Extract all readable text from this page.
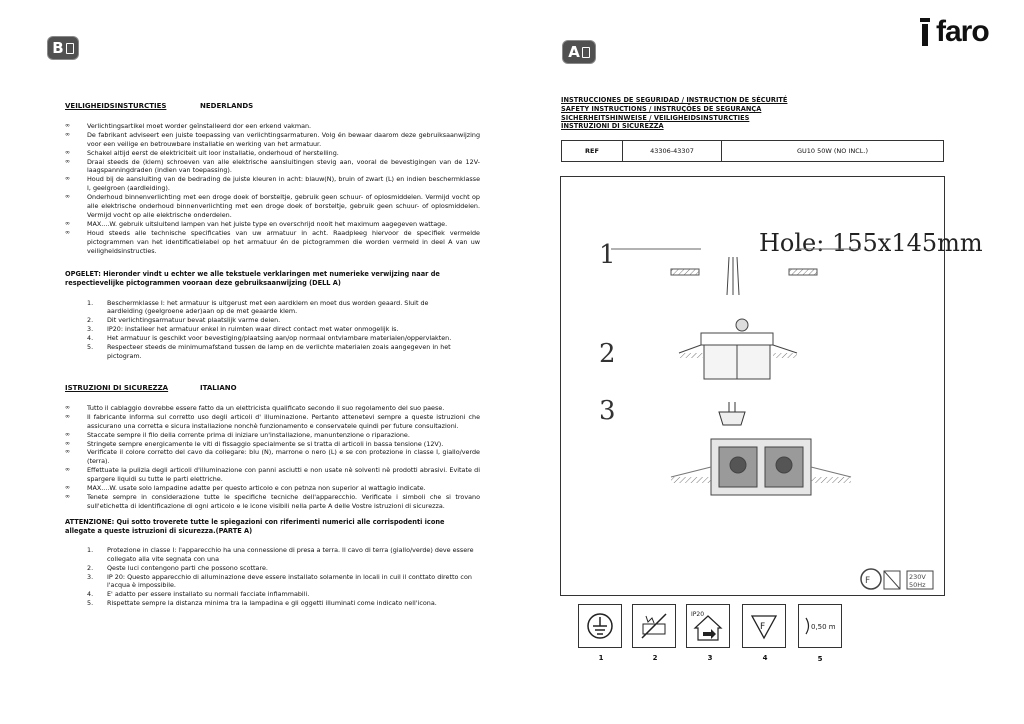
B	A
faro
VEILIGHEIDSINSTURCTIES	NEDERLANDS
∞ Verlichtingsartikel moet worder geïnstalleerd dor een erkend vakman.
∞ De fabrikant adviseert een juiste toepassing van verlichtingsarmaturen. Volg én bewaar daarom deze gebruiksaanwijzing voor een veilige en betrouwbare installatie en werking van het armatuur.
∞ Schakel altijd eerst de elektriciteit uit loor installatie, onderhoud of herstelling.
∞ Draai steeds de (klem) schroeven van alle elektrische aansluitingen stevig aan, vooral de bevestigingen van de 12V-laagspanningdraden (indien van toepassing).
∞ Houd bij de aansluiting van de bedrading de juiste kleuren in acht: blauw(N), bruin of zwart (L) en indien beschermklasse I, geelgroen (aardleiding).
∞ Onderhoud binnenverlichting met een droge doek of borsteltje, gebruik geen schuur- of oplosmiddelen. Vermijd vocht op alle elektrische onderhoud binnenverlichting met een droge doek of borsteltje, gebruik geen schuur- of oplosmiddelen. Vermijd vocht op alle elektrische onderdelen.
∞ MAX....W. gebruik uitsluitend lampen van het juiste type en overschrijd nooit het maximum aagegeven wattage.
∞ Houd steeds alle technische specificaties van uw armatuur in acht. Raadpleeg hiervoor de specifiek vermelde pictogrammen van het identificatielabel op het armatuur én de pictogrammen die worden vermeld in deel A van uw veiligheidsinstructies.
OPGELET: Hieronder vindt u echter we alle tekstuele verklaringen met numerieke verwijzing naar de respectievelijke pictogrammen vooraan deze gebruiksaanwijzing (DELL A)
1.	Beschermklasse I: het armatuur is uitgerust met een aardklem en moet dus worden geaard. Sluit de aardleiding (geelgroene ader)aan op de met geaarde klem.
2.	Dit verlichtingsarmatuur bevat plaatslijk varme delen.
3.	IP20: installeer het armatuur enkel in ruimten waar direct contact met water onmogelijk is.
4.	Het armatuur is geschikt voor bevestiging/plaatsing aan/op normaal ontvlambare materialen/oppervlakten.
5.	Respecteer steeds de minimumafstand tussen de lamp en de verlichte materialen zoals aangegeven in het pictogram.
ISTRUZIONI DI SICUREZZA	ITALIANO
∞ Tutto il cablaggio dovrebbe essere fatto da un elettricista qualificato secondo il suo regolamento del suo paese.
∞ Il fabricante informa sul corretto uso degli articoli d' illuminazione. Pertanto attenetevi sempre a queste istruzioni che assicurano una corretta e sicura installazione nonchè funzionamento e conservatele quindi per future consultazioni.
∞ Staccate sempre il filo della corrente prima di iniziare un'installazione, manuntenzione o riparazione.
∞ Stringete sempre energicamente le viti di fissaggio specialmente se si tratta di articoli in bassa tensione (12V).
∞ Verificate il colore corretto del cavo da collegare: blu (N), marrone o nero (L) e se con protezione in classe I, giallo/verde (terra).
∞ Effettuate la pulizia degli articoli d'illuminazione con panni asciutti e non usate nè solventi nè prodotti abrasivi. Evitate di spargere liquidi su tutte le parti elettriche.
∞ MAX....W. usate solo lampadine adatte per questo articolo e con petnza non superior al wattagio indicate.
∞ Tenete sempre in considerazione tutte le specifiche tecniche dell'apparecchio. Verificate i simboli che si trovano sull'etichetta di identificazione di ogni articolo e le icone visibili nella parte A delle Vostre istruzioni di sicurezza.
ATTENZIONE: Qui sotto troverete tutte le spiegazioni con riferimenti numerici alle corrispodenti icone allegate a queste istruzioni di sicurezza.(PARTE A)
1.	Protezione in classe I: l'apparecchio ha una connessione di presa a terra. Il cavo di terra (giallo/verde) deve essere collegato alla vite segnata con una
2.	Qeste luci contengono parti che possono scottare.
3.	IP 20: Questo apparecchio di alluminazione deve essere installato solamente in locali in cuil il conttato diretto con l'acqua è impossibile.
4.	E' adatto per essere installato su normali facciate infiammabili.
5.	Rispettate sempre la distanza minima tra la lampadina e gli oggetti illuminati come indicato nell'icona.
INSTRUCCIONES DE SEGURIDAD / INSTRUCTION DE SÉCURITÉ
SAFETY INSTRUCTIONS / INSTRUÇÕES DE SEGURANÇA
SICHERHEITSHINWEISE / VEILIGHEIDSINSTURCTIES
INSTRUZIONI DI SICUREZZA
REF	43306-43307	GU10 50W (NO INCL.)
Hole: 155x145mm
1
2
3
F	230V
50Hz
IP20
F	0,50 m
1	2	3	4	5
